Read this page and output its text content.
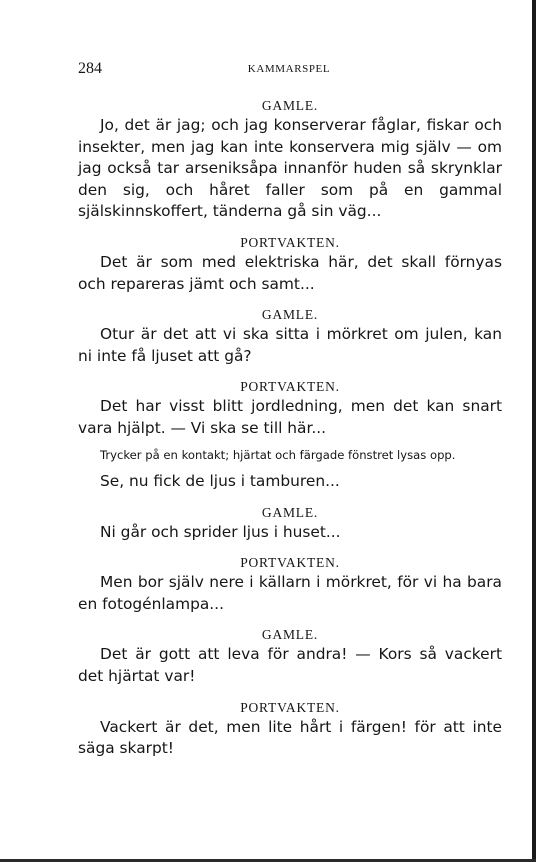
284	KAMMARSPEL

GAMLE.

Jo, det är jag; och jag konserverar fåglar, fiskar och insekter, men jag kan inte konservera mig själv — om jag också tar arseniksåpa innanför huden så skrynklar den sig, och håret faller som på en gammal själskinnskoffert, tänderna gå sin väg...

PORTVAKTEN.

Det är som med elektriska här, det skall förnyas och repareras jämt och samt...

GAMLE.

Otur är det att vi ska sitta i mörkret om julen, kan ni inte få ljuset att gå?

PORTVAKTEN.

Det har visst blitt jordledning, men det kan snart vara hjälpt. — Vi ska se till här...

Trycker på en kontakt; hjärtat och färgade fönstret lysas opp.

Se, nu fick de ljus i tamburen...

GAMLE.

Ni går och sprider ljus i huset...

PORTVAKTEN.

Men bor själv nere i källarn i mörkret, för vi ha bara en fotogénlampa...

GAMLE.

Det är gott att leva för andra! — Kors så vackert det hjärtat var!

PORTVAKTEN.

Vackert är det, men lite hårt i färgen! för att inte säga skarpt!
